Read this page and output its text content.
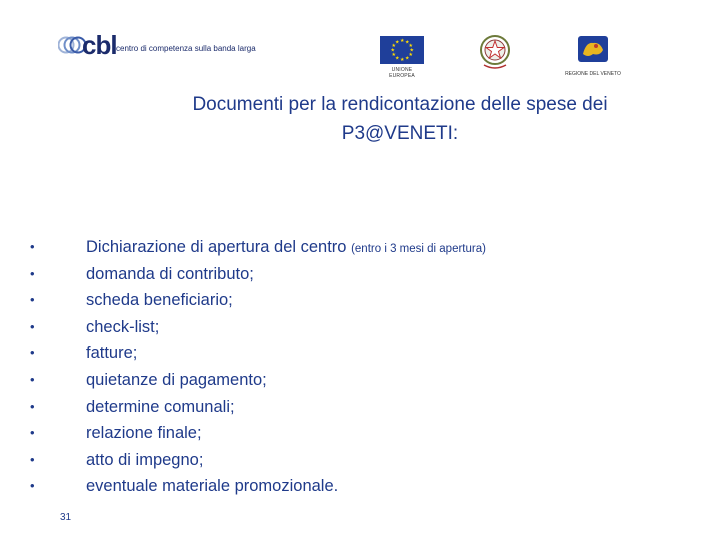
cbl centro di competenza sulla banda larga
★ ★
★
★
★
★
★
★
★
★
★
★
UNIONE EUROPEA	REGIONE DEL VENETO
Documenti per la rendicontazione delle spese dei
P3@VENETI:
•	Dichiarazione di apertura del centro (entro i 3 mesi di apertura)
•	domanda di contributo;
•	scheda beneficiario;
•	check-list;
•	fatture;
•	quietanze di pagamento;
•	determine comunali;
•	relazione finale;
•	atto di impegno;
•	eventuale materiale promozionale.
31
